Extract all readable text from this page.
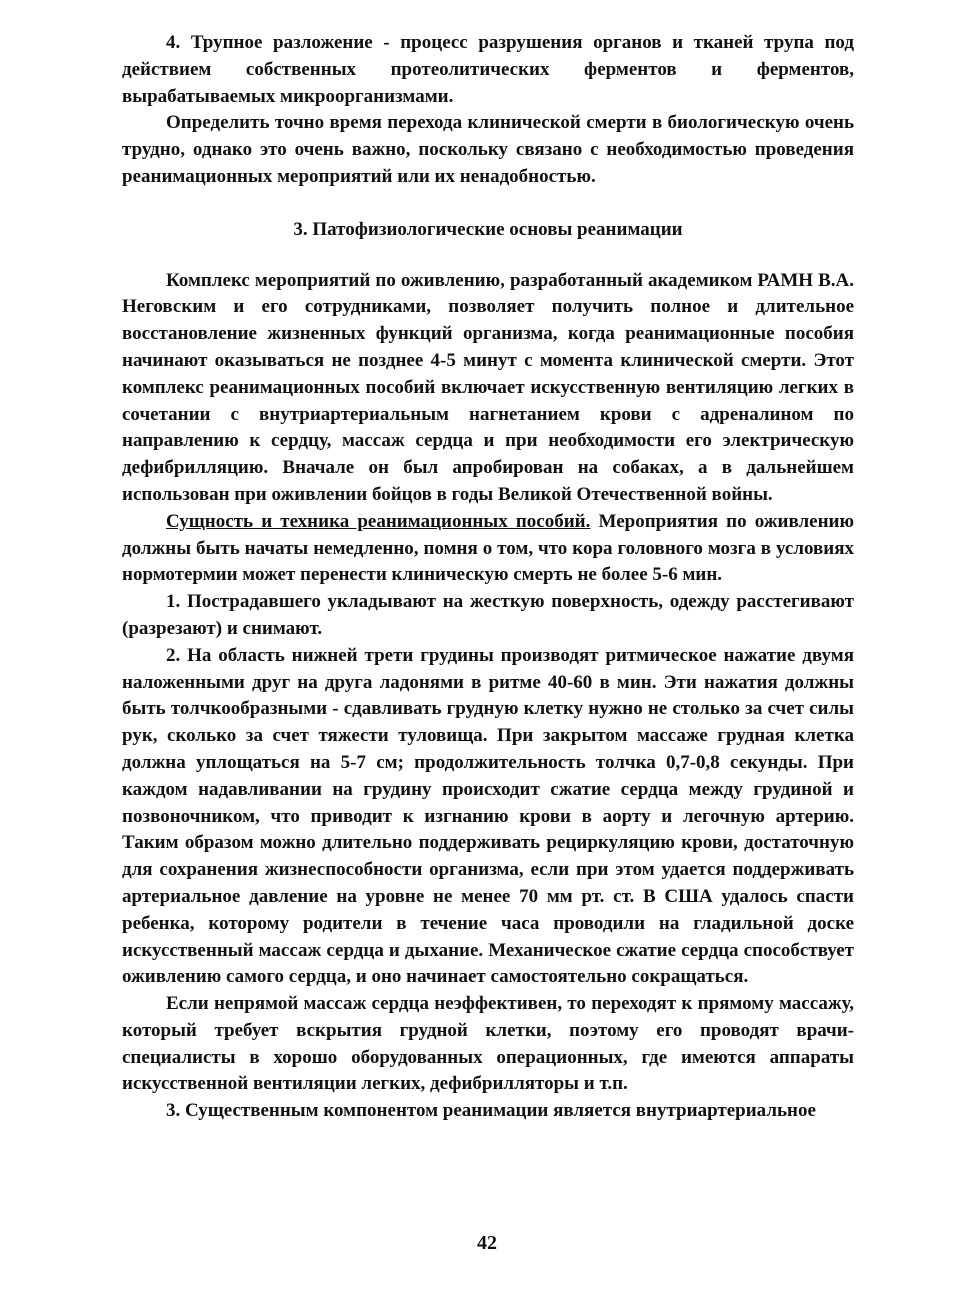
4. Трупное разложение - процесс разрушения органов и тканей трупа под действием собственных протеолитических ферментов и ферментов, вырабатываемых микроорганизмами.

Определить точно время перехода клинической смерти в биологическую очень трудно, однако это очень важно, поскольку связано с необходимостью проведения реанимационных мероприятий или их ненадобностью.

3. Патофизиологические основы реанимации

Комплекс мероприятий по оживлению, разработанный академиком РАМН В.А. Неговским и его сотрудниками, позволяет получить полное и длительное восстановление жизненных функций организма, когда реанимационные пособия начинают оказываться не позднее 4-5 минут с момента клинической смерти. Этот комплекс реанимационных пособий включает искусственную вентиляцию легких в сочетании с внутриартериальным нагнетанием крови с адреналином по направлению к сердцу, массаж сердца и при необходимости его электрическую дефибрилляцию. Вначале он был апробирован на собаках, а в дальнейшем использован при оживлении бойцов в годы Великой Отечественной войны.

Сущность и техника реанимационных пособий. Мероприятия по оживлению должны быть начаты немедленно, помня о том, что кора головного мозга в условиях нормотермии может перенести клиническую смерть не более 5-6 мин.

1. Пострадавшего укладывают на жесткую поверхность, одежду расстегивают (разрезают) и снимают.

2. На область нижней трети грудины производят ритмическое нажатие двумя наложенными друг на друга ладонями в ритме 40-60 в мин. Эти нажатия должны быть толчкообразными - сдавливать грудную клетку нужно не столько за счет силы рук, сколько за счет тяжести туловища. При закрытом массаже грудная клетка должна уплощаться на 5-7 см; продолжительность толчка 0,7-0,8 секунды. При каждом надавливании на грудину происходит сжатие сердца между грудиной и позвоночником, что приводит к изгнанию крови в аорту и легочную артерию. Таким образом можно длительно поддерживать рециркуляцию крови, достаточную для сохранения жизнеспособности организма, если при этом удается поддерживать артериальное давление на уровне не менее 70 мм рт. ст. В США удалось спасти ребенка, которому родители в течение часа проводили на гладильной доске искусственный массаж сердца и дыхание. Механическое сжатие сердца способствует оживлению самого сердца, и оно начинает самостоятельно сокращаться.

Если непрямой массаж сердца неэффективен, то переходят к прямому массажу, который требует вскрытия грудной клетки, поэтому его проводят врачи-специалисты в хорошо оборудованных операционных, где имеются аппараты искусственной вентиляции легких, дефибрилляторы и т.п.

3. Существенным компонентом реанимации является внутриартериальное

42
